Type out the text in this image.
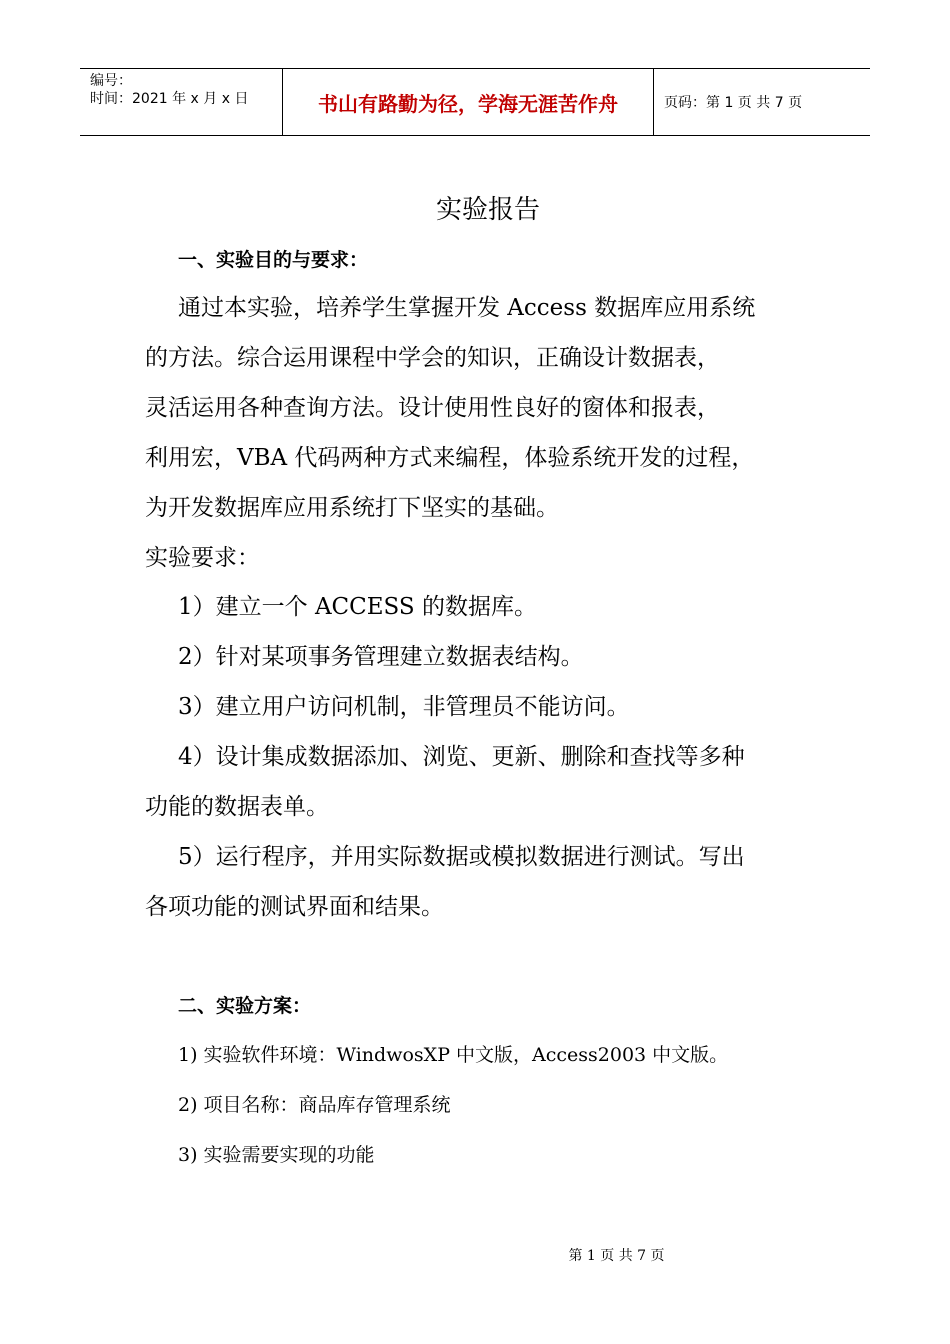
编号：
时间：2021 年 x 月 x 日	书山有路勤为径，学海无涯苦作舟	页码：第 1 页 共 7 页
实验报告
一、实验目的与要求：
通过本实验，培养学生掌握开发 Access 数据库应用系统
的方法。综合运用课程中学会的知识，正确设计数据表，
灵活运用各种查询方法。设计使用性良好的窗体和报表，
利用宏，VBA 代码两种方式来编程，体验系统开发的过程，
为开发数据库应用系统打下坚实的基础。
实验要求：
1）建立一个 ACCESS 的数据库。
2）针对某项事务管理建立数据表结构。
3）建立用户访问机制，非管理员不能访问。
4）设计集成数据添加、浏览、更新、删除和查找等多种
功能的数据表单。
5）运行程序，并用实际数据或模拟数据进行测试。写出
各项功能的测试界面和结果。
二、实验方案：
1) 实验软件环境：WindwosXP 中文版，Access2003 中文版。
2) 项目名称：商品库存管理系统
3) 实验需要实现的功能
第 1 页 共 7 页
